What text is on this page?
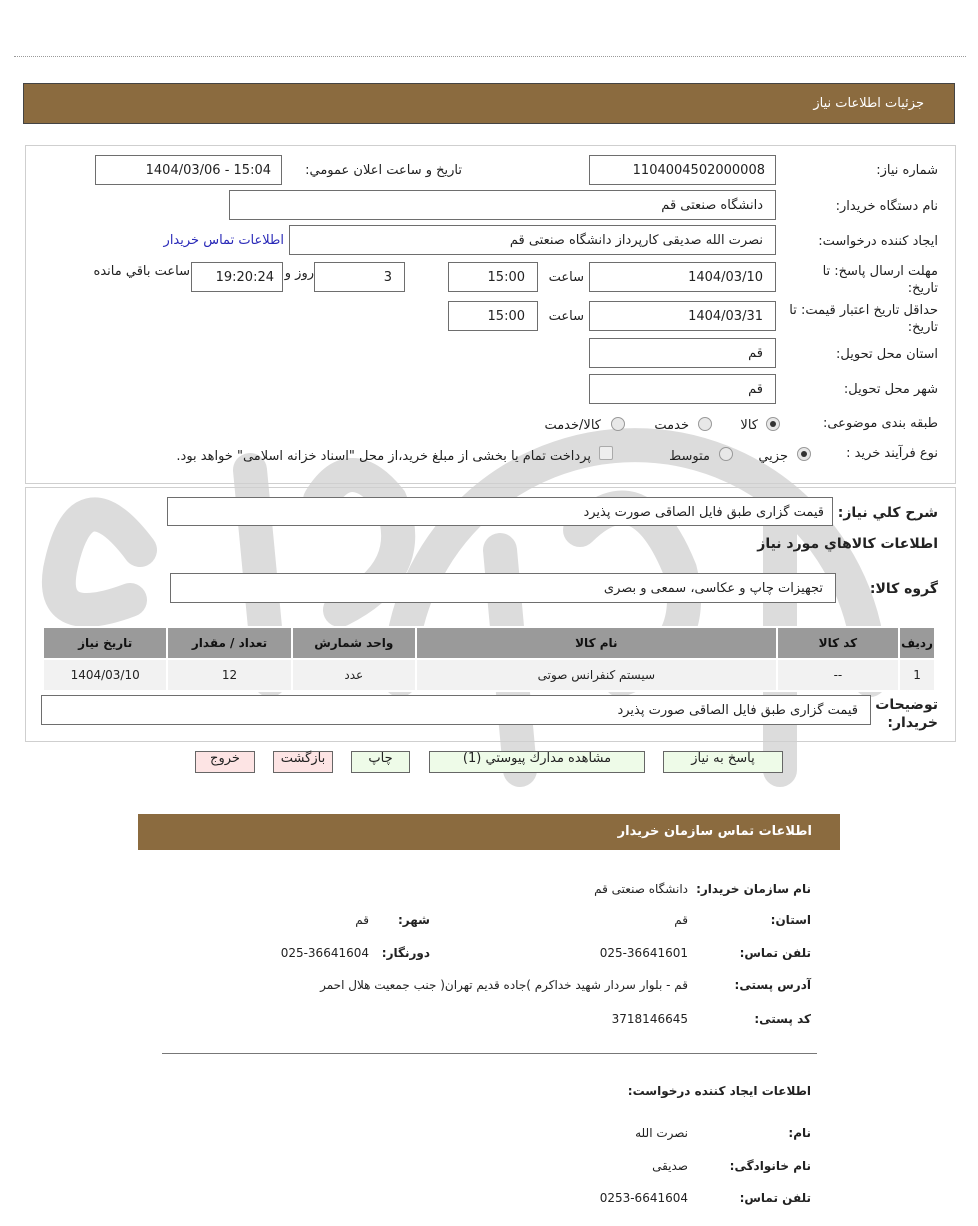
جزئيات اطلاعات نياز
شماره نیاز:
1104004502000008
تاريخ و ساعت اعلان عمومي:
1404/03/06 - 15:04
نام دستگاه خريدار:
دانشگاه صنعتی قم
ايجاد کننده درخواست:
نصرت الله صديقی کارپرداز دانشگاه صنعتی قم
اطلاعات تماس خريدار
مهلت ارسال پاسخ: تا تاريخ:
1404/03/10
ساعت
15:00
3
روز و
19:20:24
ساعت باقي مانده
حداقل تاريخ اعتبار قيمت: تا تاريخ:
1404/03/31
ساعت
15:00
استان محل تحويل:
قم
شهر محل تحويل:
قم
طبقه بندی موضوعی:
كالا
خدمت
كالا/خدمت
نوع فرآيند خريد :
جزيي
متوسط
پرداخت تمام يا بخشی از مبلغ خريد،از محل "اسناد خزانه اسلامی" خواهد بود.
شرح كلي نياز:
قیمت گزاری طبق فایل الصاقی صورت پذیرد
اطلاعات كالاهاي مورد نياز
گروه كالا:
تجهیزات چاپ و عکاسی، سمعی و بصری
رديف	كد كالا	نام كالا	واحد شمارش	تعداد / مقدار	تاريخ نياز
1	--	سیستم کنفرانس صوتی	عدد	12	1404/03/10
توضيحات خريدار:
قیمت گزاری طبق فایل الصاقی صورت پذیرد
پاسخ به نياز
مشاهده مدارك پيوستي (1)
چاپ
بازگشت
خروج
اطلاعات تماس سازمان خريدار
نام سازمان خريدار:
دانشگاه صنعتی قم
استان:
قم
شهر:
قم
تلفن تماس:
025-36641601
دورنگار:
025-36641604
آدرس پستی:
قم - بلوار سردار شهید خداکرم )جاده قدیم تهران( جنب جمعیت هلال احمر
کد پستی:
3718146645
اطلاعات ایجاد کننده درخواست:
نام:
نصرت الله
نام خانوادگی:
صدیقی
تلفن تماس:
0253-6641604
